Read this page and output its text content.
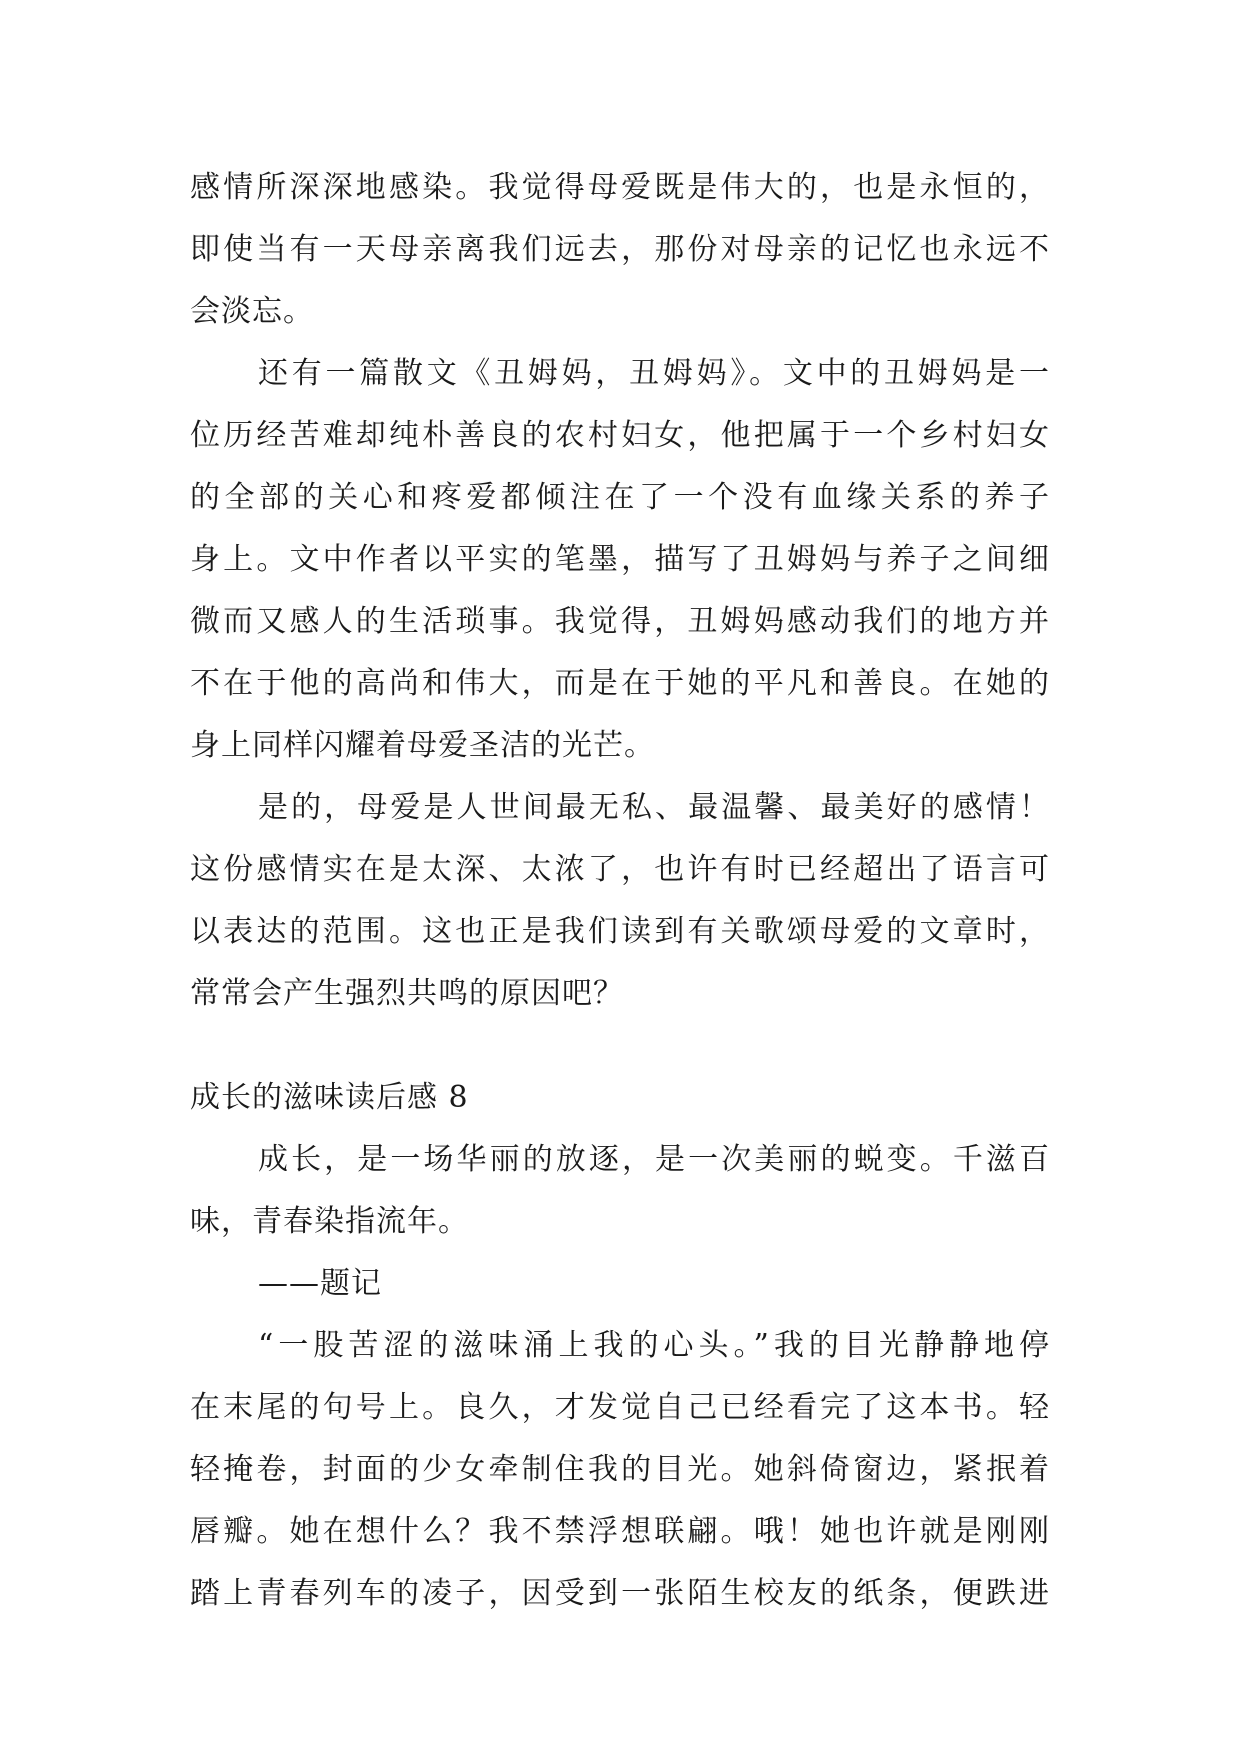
感情所深深地感染。我觉得母爱既是伟大的，也是永恒的，
即使当有一天母亲离我们远去，那份对母亲的记忆也永远不
会淡忘。
还有一篇散文《丑姆妈，丑姆妈》。文中的丑姆妈是一
位历经苦难却纯朴善良的农村妇女，他把属于一个乡村妇女
的全部的关心和疼爱都倾注在了一个没有血缘关系的养子
身上。文中作者以平实的笔墨，描写了丑姆妈与养子之间细
微而又感人的生活琐事。我觉得，丑姆妈感动我们的地方并
不在于他的高尚和伟大，而是在于她的平凡和善良。在她的
身上同样闪耀着母爱圣洁的光芒。
是的，母爱是人世间最无私、最温馨、最美好的感情！
这份感情实在是太深、太浓了，也许有时已经超出了语言可
以表达的范围。这也正是我们读到有关歌颂母爱的文章时，
常常会产生强烈共鸣的原因吧？
成长的滋味读后感 8
成长，是一场华丽的放逐，是一次美丽的蜕变。千滋百
味，青春染指流年。
——题记
“一股苦涩的滋味涌上我的心头。”我的目光静静地停
在末尾的句号上。良久，才发觉自己已经看完了这本书。轻
轻掩卷，封面的少女牵制住我的目光。她斜倚窗边，紧抿着
唇瓣。她在想什么？我不禁浮想联翩。哦！她也许就是刚刚
踏上青春列车的凌子，因受到一张陌生校友的纸条，便跌进
